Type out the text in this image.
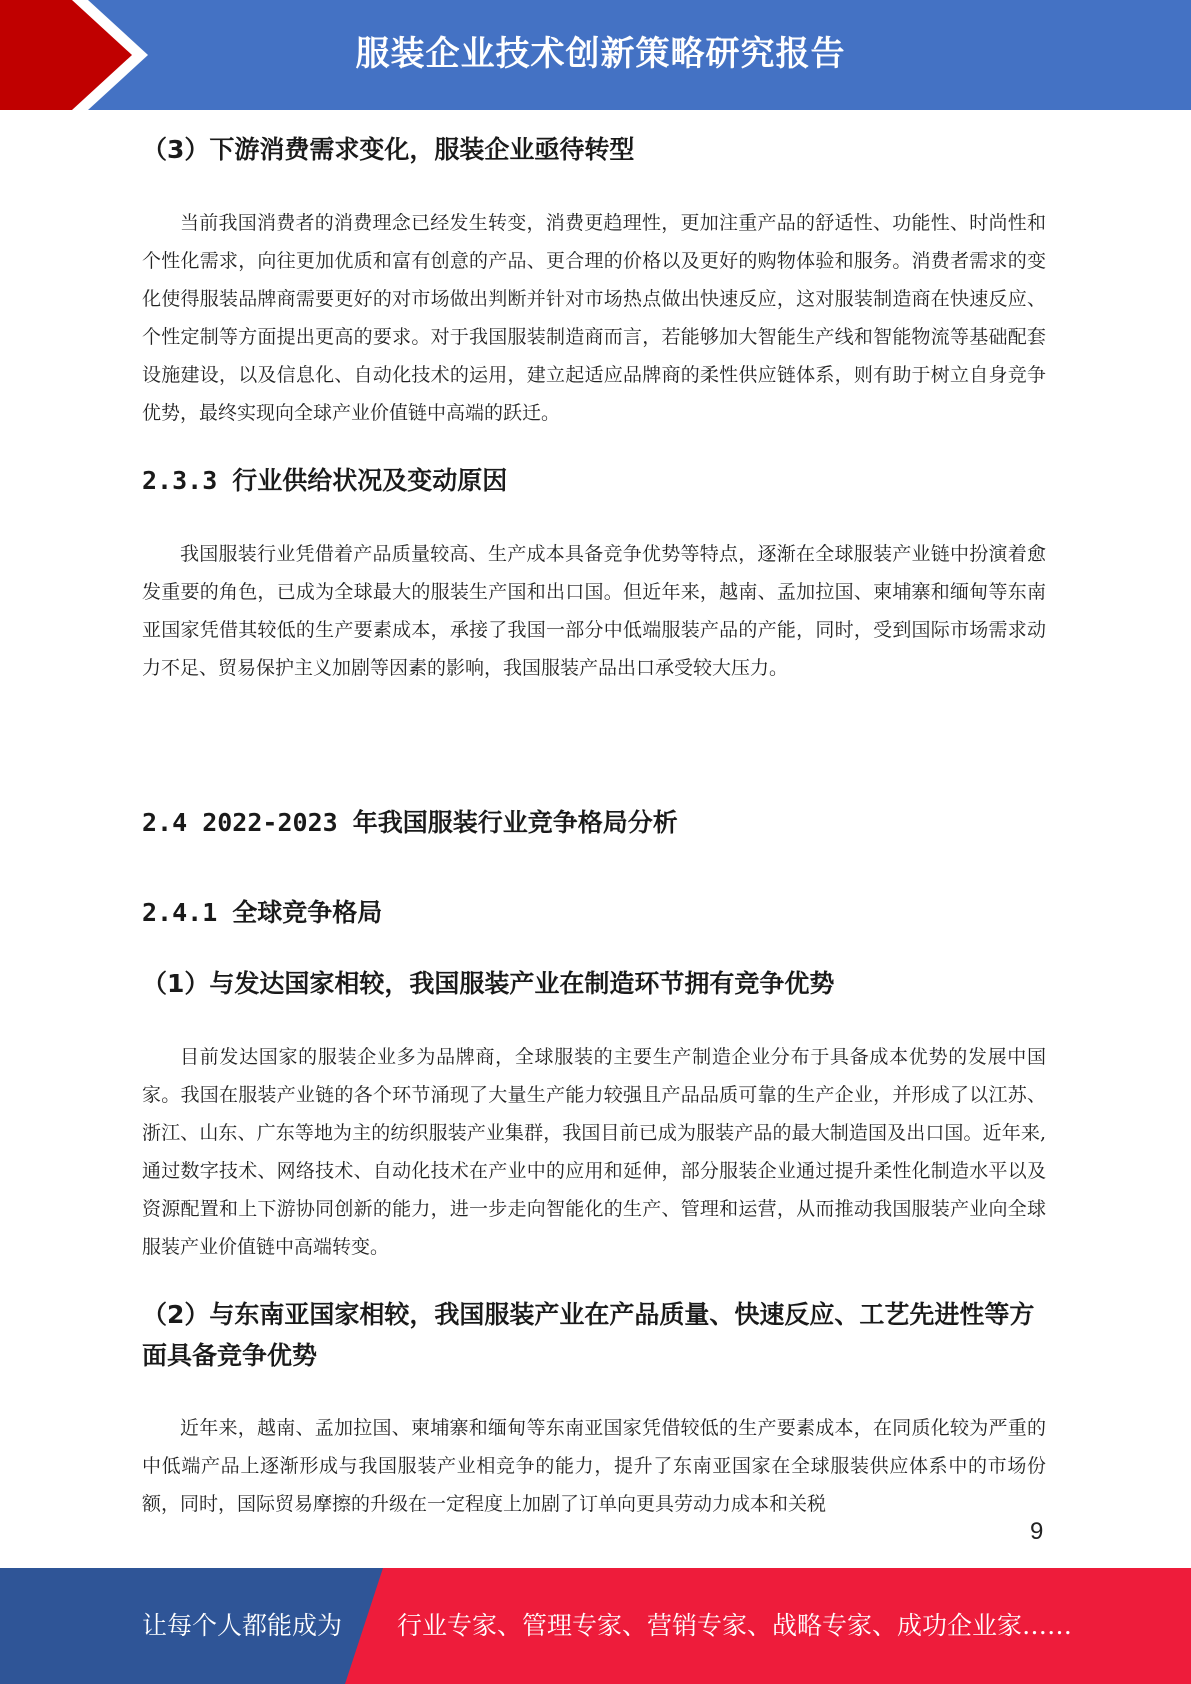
服装企业技术创新策略研究报告
（3）下游消费需求变化，服装企业亟待转型

当前我国消费者的消费理念已经发生转变，消费更趋理性，更加注重产品的舒适性、功能性、时尚性和个性化需求，向往更加优质和富有创意的产品、更合理的价格以及更好的购物体验和服务。消费者需求的变化使得服装品牌商需要更好的对市场做出判断并针对市场热点做出快速反应，这对服装制造商在快速反应、个性定制等方面提出更高的要求。对于我国服装制造商而言，若能够加大智能生产线和智能物流等基础配套设施建设，以及信息化、自动化技术的运用，建立起适应品牌商的柔性供应链体系，则有助于树立自身竞争优势，最终实现向全球产业价值链中高端的跃迁。

2.3.3 行业供给状况及变动原因

我国服装行业凭借着产品质量较高、生产成本具备竞争优势等特点，逐渐在全球服装产业链中扮演着愈发重要的角色，已成为全球最大的服装生产国和出口国。但近年来，越南、孟加拉国、柬埔寨和缅甸等东南亚国家凭借其较低的生产要素成本，承接了我国一部分中低端服装产品的产能，同时，受到国际市场需求动力不足、贸易保护主义加剧等因素的影响，我国服装产品出口承受较大压力。

2.4 2022-2023 年我国服装行业竞争格局分析
2.4.1 全球竞争格局
（1）与发达国家相较，我国服装产业在制造环节拥有竞争优势

目前发达国家的服装企业多为品牌商，全球服装的主要生产制造企业分布于具备成本优势的发展中国家。我国在服装产业链的各个环节涌现了大量生产能力较强且产品品质可靠的生产企业，并形成了以江苏、浙江、山东、广东等地为主的纺织服装产业集群，我国目前已成为服装产品的最大制造国及出口国。近年来,通过数字技术、网络技术、自动化技术在产业中的应用和延伸，部分服装企业通过提升柔性化制造水平以及资源配置和上下游协同创新的能力，进一步走向智能化的生产、管理和运营，从而推动我国服装产业向全球服装产业价值链中高端转变。

（2）与东南亚国家相较，我国服装产业在产品质量、快速反应、工艺先进性等方面具备竞争优势

近年来，越南、孟加拉国、柬埔寨和缅甸等东南亚国家凭借较低的生产要素成本，在同质化较为严重的中低端产品上逐渐形成与我国服装产业相竞争的能力，提升了东南亚国家在全球服装供应体系中的市场份额，同时，国际贸易摩擦的升级在一定程度上加剧了订单向更具劳动力成本和关税

9
让每个人都能成为 行业专家、管理专家、营销专家、战略专家、成功企业家……
